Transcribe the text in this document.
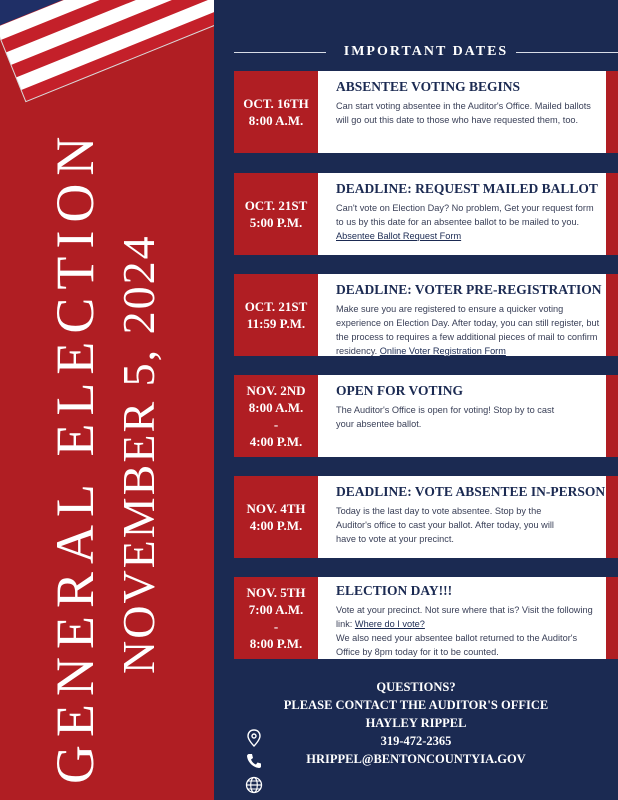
GENERAL ELECTION NOVEMBER 5, 2024
IMPORTANT DATES
OCT. 16TH
8:00 A.M.
ABSENTEE VOTING BEGINS

Can start voting absentee in the Auditor's Office. Mailed ballots will go out this date to those who have requested them, too.

OCT. 21ST
5:00 P.M.
DEADLINE: REQUEST MAILED BALLOT

Can't vote on Election Day? No problem, Get your request form to us by this date for an absentee ballot to be mailed to you.  Absentee Ballot Request Form

OCT. 21ST
11:59 P.M.
DEADLINE: VOTER PRE-REGISTRATION

Make sure you are registered to ensure a quicker voting experience on Election Day. After today, you can still register, but the process to requires a few additional pieces of mail to confirm residency. Online Voter Registration Form

NOV. 2ND
8:00 A.M.
-
4:00 P.M.
OPEN FOR VOTING

The Auditor's Office is open for voting! Stop by to cast your absentee ballot.

NOV. 4TH
4:00 P.M.
DEADLINE: VOTE ABSENTEE IN-PERSON

Today is the last day to vote absentee. Stop by the Auditor's office to cast your ballot. After today, you will have to vote at your precinct.

NOV. 5TH
7:00 A.M.
-
8:00 P.M.
ELECTION DAY!!!

Vote at your precinct. Not sure where that is? Visit the following link: Where do I vote?
We also need your absentee ballot returned to the Auditor's Office by 8pm today for it to be counted.

QUESTIONS?
PLEASE CONTACT THE AUDITOR'S OFFICE
HAYLEY RIPPEL
319-472-2365
HRIPPEL@BENTONCOUNTYIA.GOV
